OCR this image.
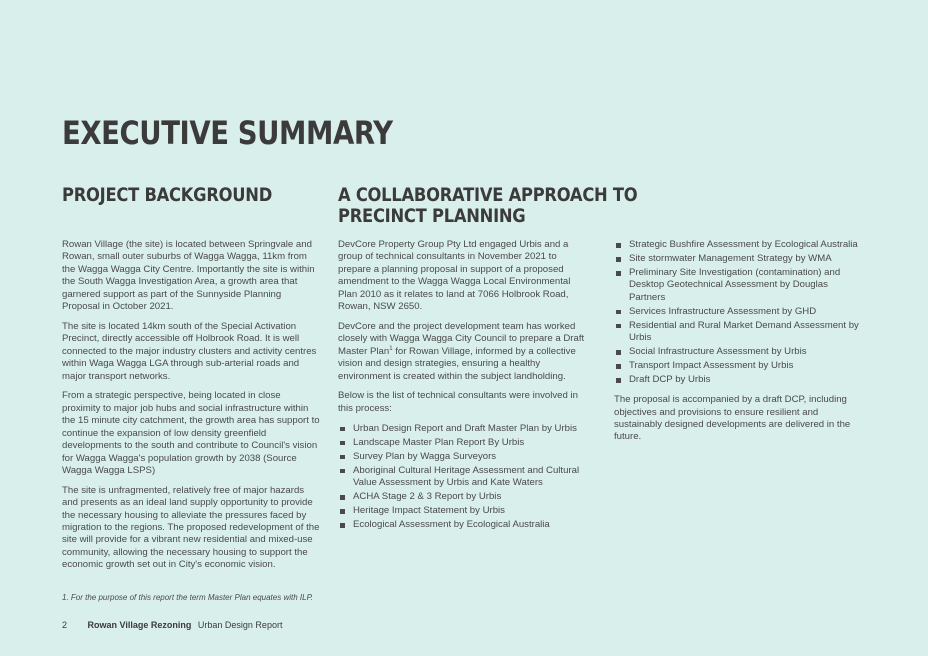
EXECUTIVE SUMMARY
PROJECT BACKGROUND	A COLLABORATIVE APPROACH TO
PRECINCT PLANNING

Rowan Village (the site) is located between Springvale and Rowan, small outer suburbs of Wagga Wagga, 11km from the Wagga Wagga City Centre. Importantly the site is within the South Wagga Investigation Area, a growth area that garnered support as part of the Sunnyside Planning Proposal in October 2021.

The site is located 14km south of the Special Activation Precinct, directly accessible off Holbrook Road. It is well connected to the major industry clusters and activity centres within Waga Wagga LGA through sub-arterial roads and major transport networks.

From a strategic perspective, being located in close proximity to major job hubs and social infrastructure within the 15 minute city catchment, the growth area has support to continue the expansion of low density greenfield developments to the south and contribute to Council's vision for Wagga Wagga's population growth by 2038 (Source Wagga Wagga LSPS)

The site is unfragmented, relatively free of major hazards and presents as an ideal land supply opportunity to provide the necessary housing to alleviate the pressures faced by migration to the regions. The proposed redevelopment of the site will provide for a vibrant new residential and mixed-use community, allowing the necessary housing to support the economic growth set out in City's economic vision.

DevCore Property Group Pty Ltd engaged Urbis and a group of technical consultants in November 2021 to prepare a planning proposal in support of a proposed amendment to the Wagga Wagga Local Environmental Plan 2010 as it relates to land at 7066 Holbrook Road, Rowan, NSW 2650.

DevCore and the project development team has worked closely with Wagga Wagga City Council to prepare a Draft Master Plan$^1$ for Rowan Village, informed by a collective vision and design strategies, ensuring a healthy environment is created within the subject landholding.

Below is the list of technical consultants were involved in this process:

Urban Design Report and Draft Master Plan by Urbis
Landscape Master Plan Report By Urbis
Survey Plan by Wagga Surveyors
Aboriginal Cultural Heritage Assessment and Cultural Value Assessment by Urbis and Kate Waters
ACHA Stage 2 & 3 Report by Urbis
Heritage Impact Statement by Urbis
Ecological Assessment by Ecological Australia
Strategic Bushfire Assessment by Ecological Australia
Site stormwater Management Strategy by WMA
Preliminary Site Investigation (contamination) and Desktop Geotechnical Assessment by Douglas Partners
Services Infrastructure Assessment by GHD
Residential and Rural Market Demand Assessment by Urbis
Social Infrastructure Assessment by Urbis
Transport Impact Assessment by Urbis
Draft DCP by Urbis

The proposal is accompanied by a draft DCP, including objectives and provisions to ensure resilient and sustainably designed developments are delivered in the future.

1. For the purpose of this report the term Master Plan equates with ILP.
2 Rowan Village Rezoning Urban Design Report
